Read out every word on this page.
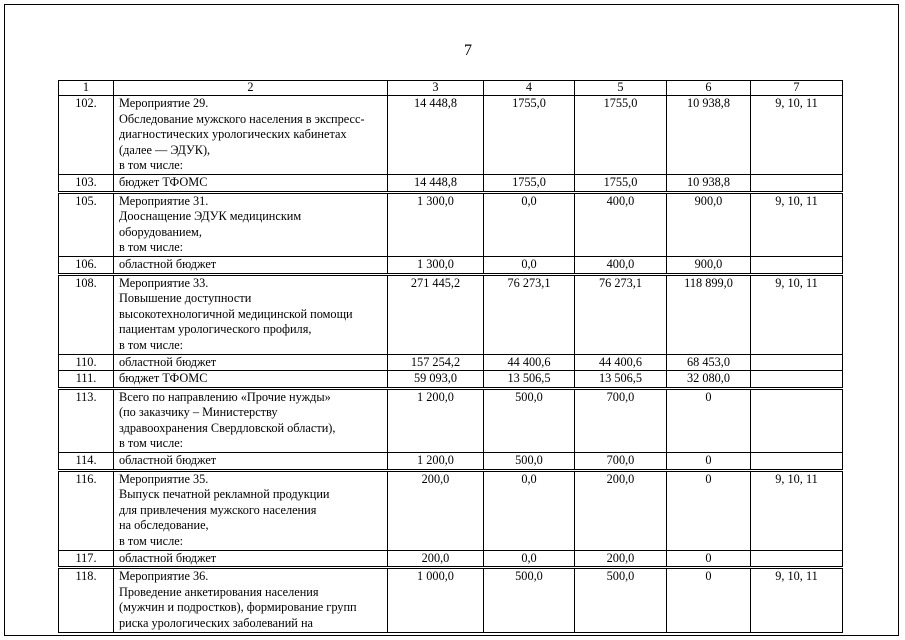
7
1	2	3	4	5	6	7
102.	Мероприятие 29.
Обследование мужского населения в экспресс-
диагностических урологических кабинетах
(далее — ЭДУК),
в том числе:	14 448,8	1755,0	1755,0	10 938,8	9, 10, 11
103.	бюджет ТФОМС	14 448,8	1755,0	1755,0	10 938,8	
105.	Мероприятие 31.
Дооснащение ЭДУК медицинским
оборудованием,
в том числе:	1 300,0	0,0	400,0	900,0	9, 10, 11
106.	областной бюджет	1 300,0	0,0	400,0	900,0	
108.	Мероприятие 33.
Повышение доступности
высокотехнологичной медицинской помощи
пациентам урологического профиля,
в том числе:	271 445,2	76 273,1	76 273,1	118 899,0	9, 10, 11
110.	областной бюджет	157 254,2	44 400,6	44 400,6	68 453,0	
111.	бюджет ТФОМС	59 093,0	13 506,5	13 506,5	32 080,0	
113.	Всего по направлению «Прочие нужды»
(по заказчику – Министерству
здравоохранения Свердловской области),
в том числе:	1 200,0	500,0	700,0	0	
114.	областной бюджет	1 200,0	500,0	700,0	0	
116.	Мероприятие 35.
Выпуск печатной рекламной продукции
для привлечения мужского населения
на обследование,
в том числе:	200,0	0,0	200,0	0	9, 10, 11
117.	областной бюджет	200,0	0,0	200,0	0	
118.	Мероприятие 36.
Проведение анкетирования населения
(мужчин и подростков), формирование групп
риска урологических заболеваний на	1 000,0	500,0	500,0	0	9, 10, 11
